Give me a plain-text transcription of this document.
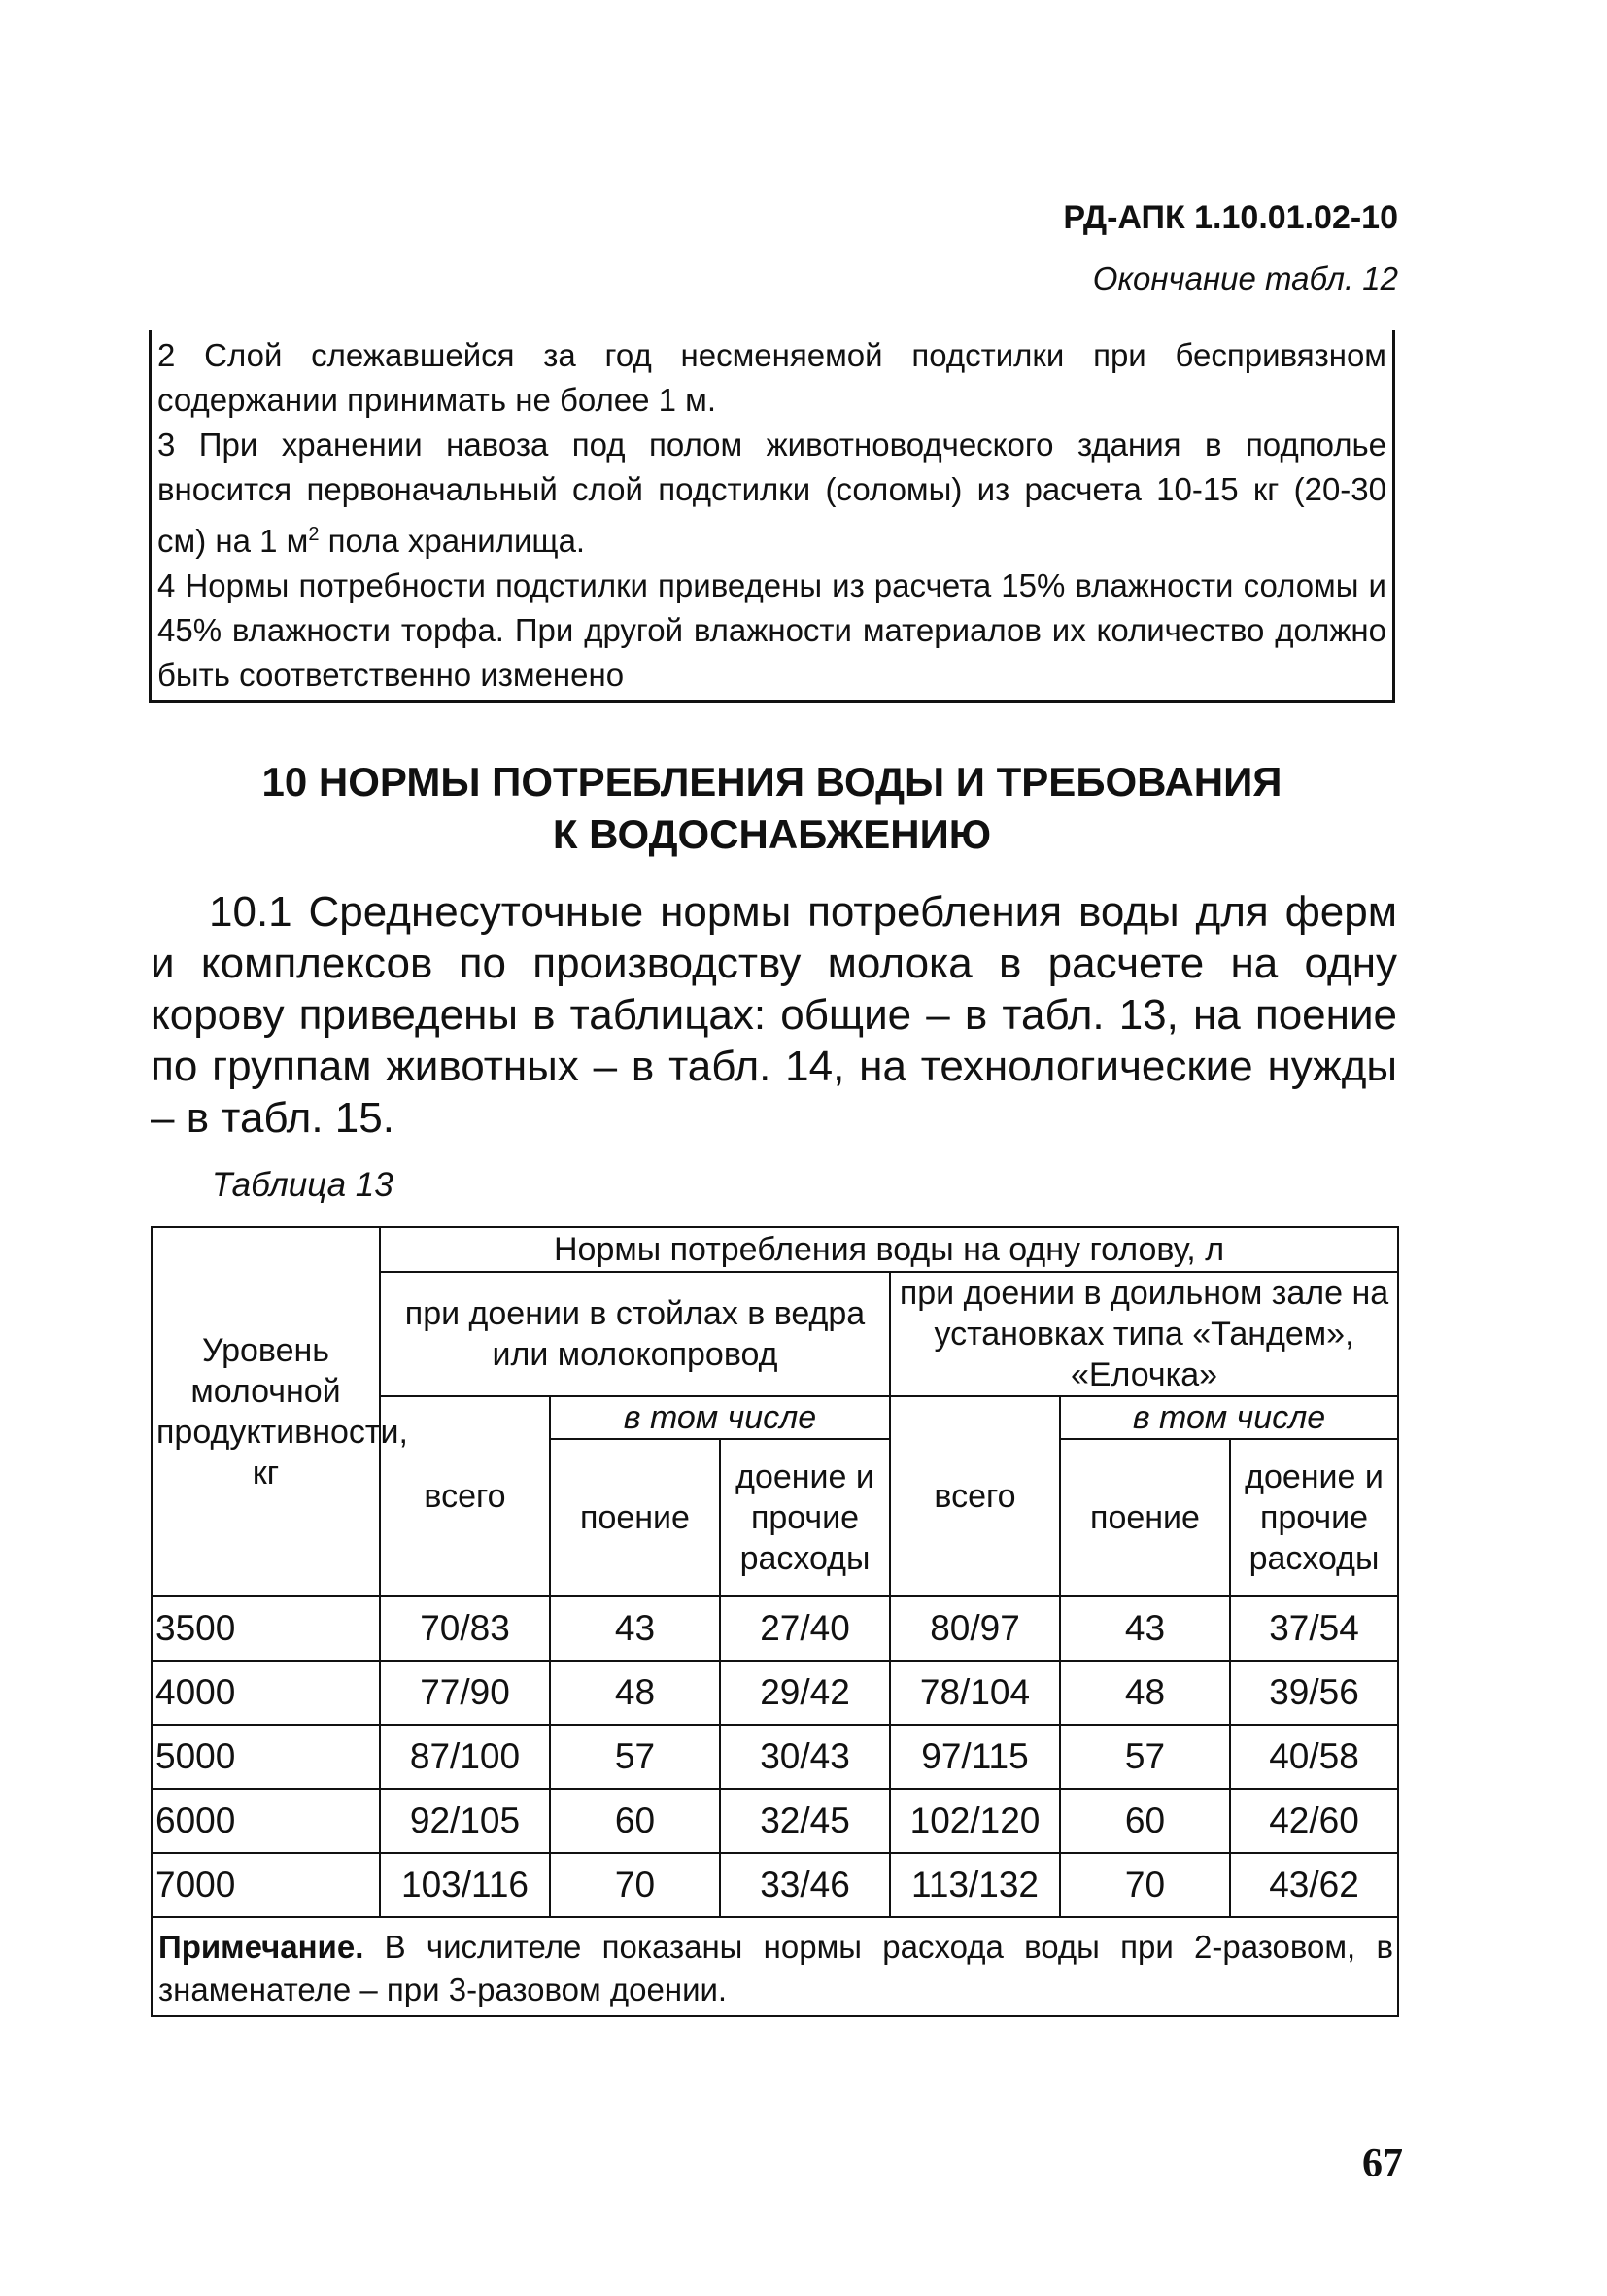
РД-АПК 1.10.01.02-10
Окончание табл. 12

2 Слой слежавшейся за год несменяемой подстилки при беспривязном содержании принимать не более 1 м.

3 При хранении навоза под полом животноводческого здания в подполье вносится первоначальный слой подстилки (соломы) из расчета 10-15 кг (20-30 см) на 1 $м^2$ пола хранилища.

4 Нормы потребности подстилки приведены из расчета 15% влажности соломы и 45% влажности торфа. При другой влажности материалов их количество должно быть соответственно изменено

10 НОРМЫ ПОТРЕБЛЕНИЯ ВОДЫ И ТРЕБОВАНИЯ
К ВОДОСНАБЖЕНИЮ

10.1 Среднесуточные нормы потребления воды для ферм и комплексов по производству молока в расчете на одну корову приведены в таблицах: общие – в табл. 13, на поение по группам животных – в табл. 14, на технологические нужды – в табл. 15.

Таблица 13
Уровень молочной продуктивности, кг	Нормы потребления воды на одну голову, л					
	при доении в стойлах в ведра или молокопровод			при доении в доильном зале на установках типа «Тандем», «Елочка»		
	всего	в том числе		всего	в том числе	
		поение	доение и прочие расходы		поение	доение и прочие расходы
3500	70/83	43	27/40	80/97	43	37/54
4000	77/90	48	29/42	78/104	48	39/56
5000	87/100	57	30/43	97/115	57	40/58
6000	92/105	60	32/45	102/120	60	42/60
7000	103/116	70	33/46	113/132	70	43/62
Примечание. В числителе показаны нормы расхода воды при 2-разовом, в знаменателе – при 3-разовом доении.						
67
